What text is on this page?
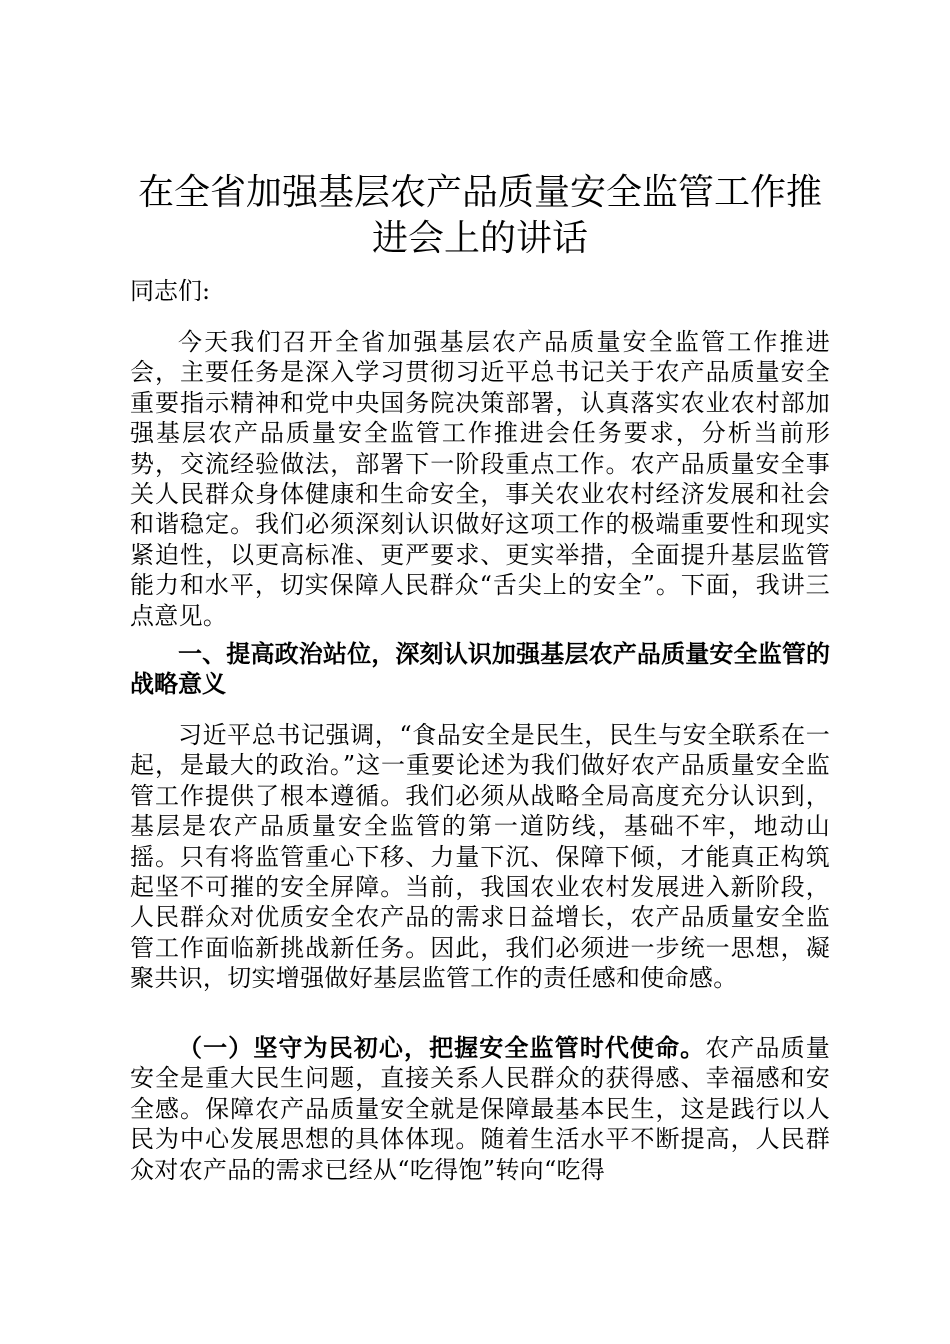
在全省加强基层农产品质量安全监管工作推进会上的讲话

同志们:

今天我们召开全省加强基层农产品质量安全监管工作推进会，主要任务是深入学习贯彻习近平总书记关于农产品质量安全重要指示精神和党中央国务院决策部署，认真落实农业农村部加强基层农产品质量安全监管工作推进会任务要求，分析当前形势，交流经验做法，部署下一阶段重点工作。农产品质量安全事关人民群众身体健康和生命安全，事关农业农村经济发展和社会和谐稳定。我们必须深刻认识做好这项工作的极端重要性和现实紧迫性，以更高标准、更严要求、更实举措，全面提升基层监管能力和水平，切实保障人民群众“舌尖上的安全”。下面，我讲三点意见。

一、提高政治站位，深刻认识加强基层农产品质量安全监管的战略意义

习近平总书记强调，“食品安全是民生，民生与安全联系在一起，是最大的政治。”这一重要论述为我们做好农产品质量安全监管工作提供了根本遵循。我们必须从战略全局高度充分认识到，基层是农产品质量安全监管的第一道防线，基础不牢，地动山摇。只有将监管重心下移、力量下沉、保障下倾，才能真正构筑起坚不可摧的安全屏障。当前，我国农业农村发展进入新阶段，人民群众对优质安全农产品的需求日益增长，农产品质量安全监管工作面临新挑战新任务。因此，我们必须进一步统一思想，凝聚共识，切实增强做好基层监管工作的责任感和使命感。

（一）坚守为民初心，把握安全监管时代使命。农产品质量安全是重大民生问题，直接关系人民群众的获得感、幸福感和安全感。保障农产品质量安全就是保障最基本民生，这是践行以人民为中心发展思想的具体体现。随着生活水平不断提高，人民群众对农产品的需求已经从“吃得饱”转向“吃得
